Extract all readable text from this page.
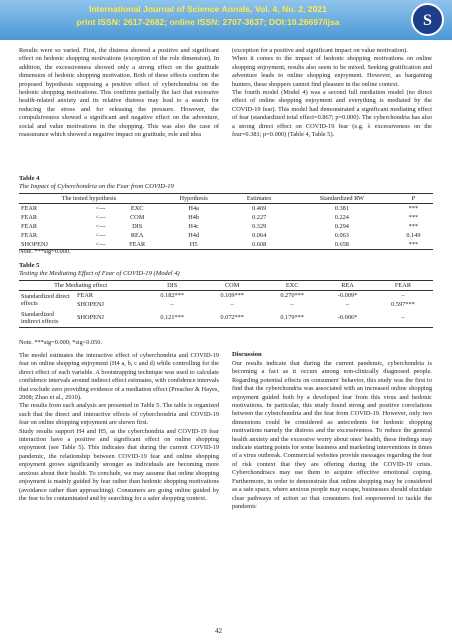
International Journal of Science Annals, Vol. 4, No. 2, 2021
print ISSN: 2617-2682; online ISSN: 2707-3637; DOI:10.26697/ijsa	S

Results were so varied. First, the distress showed a positive and significant effect on hedonic shopping motivations (exception of the role dimension). In addition, the excessiveness showed only a strong effect on the gratitude dimension of hedonic shopping motivation. Both of these effects confirm the proposed hypothesis supposing a positive effect of cyberchondria on the hedonic shopping motivations. This confirms partially the fact that excessive health-related anxiety and its relative distress may lead to a search for reducing the stress and for releasing the pressure. However, the compulsiveness showed a significant and negative effect on the adventure, social and value motivations in the shopping. This was also the case of reassurance which showed a negative impact on gratitude, role and idea

(exception for a positive and significant impact on value motivation).

When it comes to the impact of hedonic shopping motivations on online shopping enjoyment, results also seem to be mixed. Seeking gratification and adventure leads to online shopping enjoyment. However, as bargaining hunters, these shoppers cannot find pleasure in the online context.

The fourth model (Model 4) was a second full mediation model (no direct effect of online shopping enjoyment and everything is mediated by the COVID-19 fear). This model had demonstrated a significant mediating effect of fear (standardized total effect=0.867; p=0.000). The cyberchondria has also a strong direct effect on COVID-19 fear (e.g. λ excessiveness on the fear=0.381; p=0.000) (Table 4, Table 5).

Table 4
The Impact of Cyberchondria on the Fear from COVID-19
The tested hypothesis			Hypothesis	Estimates	Standardized RW	P
FEAR	<---	EXC	H4a	0.469	0.381	***
FEAR	<---	COM	H4b	0.227	0.224	***
FEAR	<---	DIS	H4c	0.329	0.294	***
FEAR	<---	REA	H4d	0.064	0.063	0.149
SHOPENJ	<---	FEAR	H5	0.608	0.658	***
Note. ***sig=0.000.
Table 5
Testing the Mediating Effect of Fear of COVID-19 (Model 4)
The Mediating effect		DIS	COM	EXC	REA	FEAR
Standardized direct effects	FEAR	0.182***	0.109***	0.270***	-0.009*	–
	SHOPENJ	–	–	–	–	0.597***
Standardized indirect effects	SHOPENJ	0.121***	0.072***	0.179***	-0.006*	–
Note. ***sig=0.000; *sig<0.050.

The model estimates the interactive effect of cyberchondria and COVID-19 fear on online shopping enjoyment (H4 a, b, c and d) while controlling for the direct effect of each variable. A bootstrapping technique was used to calculate confidence intervals around indirect effect estimates, with confidence intervals that exclude zero providing evidence of a mediation effect (Preacher & Hayes, 2008; Zhao et al., 2010).

The results from each analysis are presented in Table 5. The table is organized such that the direct and interactive effects of cyberchondria and COVID-19 fear on online shopping enjoyment are shown first.

Study results support H4 and H5, as the cyberchondria and COVID-19 fear interaction have a positive and significant effect on online shopping enjoyment (see Table 5). This indicates that during the current COVID-19 pandemic, the relationship between COVID-19 fear and online shopping enjoyment grows significantly stronger as individuals are becoming more anxious about their health. To conclude, we may assume that online shopping enjoyment is mainly guided by fear rather than hedonic shopping motivations (avoidance rather than approaching). Consumers are going online guided by the fear to be contaminated and by searching for a safer shopping context.

Discussion

Our results indicate that during the current pandemic, cyberchondria is becoming a fact as it occurs among non-clinically diagnosed people. Regarding potential effects on consumers' behavior, this study was the first to find that the cyberchondria was associated with an increased online shopping enjoyment guided both by a developed fear from this virus and hedonic motivations. In particular, this study found strong and positive correlations between the cyberchondria and the fear from COVID-19. However, only two dimensions could be considered as antecedents for hedonic shopping motivations namely the distress and the excessiveness. To reduce the general health anxiety and the excessive worry about ones' health, these findings may indicate starting points for some business and marketing interventions in times of a virus outbreak. Commercial websites provide messages regarding the fear of risk context that they are offering during the COVID-19 crisis. Cyberchondriacs may use them to acquire effective emotional coping. Furthermore, in order to demonstrate that online shopping may be considered as a safe space, where anxious people may escape, businesses should elucidate clear pathways of action so that consumers feel empowered to tackle the pandemic

42
